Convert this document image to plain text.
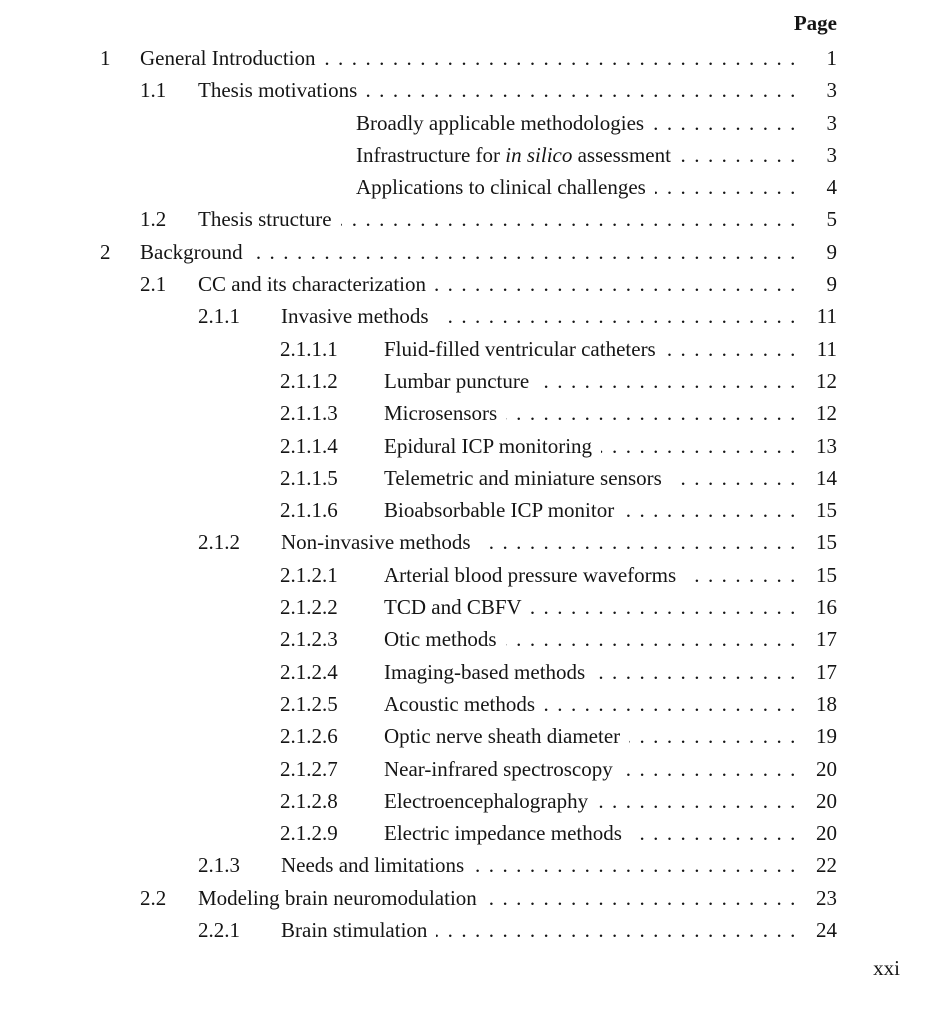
Page
1	General Introduction . . .	1
1.1	Thesis motivations . . .	3
Broadly applicable methodologies . . .	3
Infrastructure for in silico assessment . . .	3
Applications to clinical challenges . . .	4
1.2	Thesis structure . . .	5
2	Background . . .	9
2.1	CC and its characterization . . .	9
2.1.1	Invasive methods . . .	11
2.1.1.1	Fluid-filled ventricular catheters . . .	11
2.1.1.2	Lumbar puncture . . .	12
2.1.1.3	Microsensors . . .	12
2.1.1.4	Epidural ICP monitoring . . .	13
2.1.1.5	Telemetric and miniature sensors . . .	14
2.1.1.6	Bioabsorbable ICP monitor . . .	15
2.1.2	Non-invasive methods . . .	15
2.1.2.1	Arterial blood pressure waveforms . . .	15
2.1.2.2	TCD and CBFV . . .	16
2.1.2.3	Otic methods . . .	17
2.1.2.4	Imaging-based methods . . .	17
2.1.2.5	Acoustic methods . . .	18
2.1.2.6	Optic nerve sheath diameter . . .	19
2.1.2.7	Near-infrared spectroscopy . . .	20
2.1.2.8	Electroencephalography . . .	20
2.1.2.9	Electric impedance methods . . .	20
2.1.3	Needs and limitations . . .	22
2.2	Modeling brain neuromodulation . . .	23
2.2.1	Brain stimulation . . .	24
xxi
